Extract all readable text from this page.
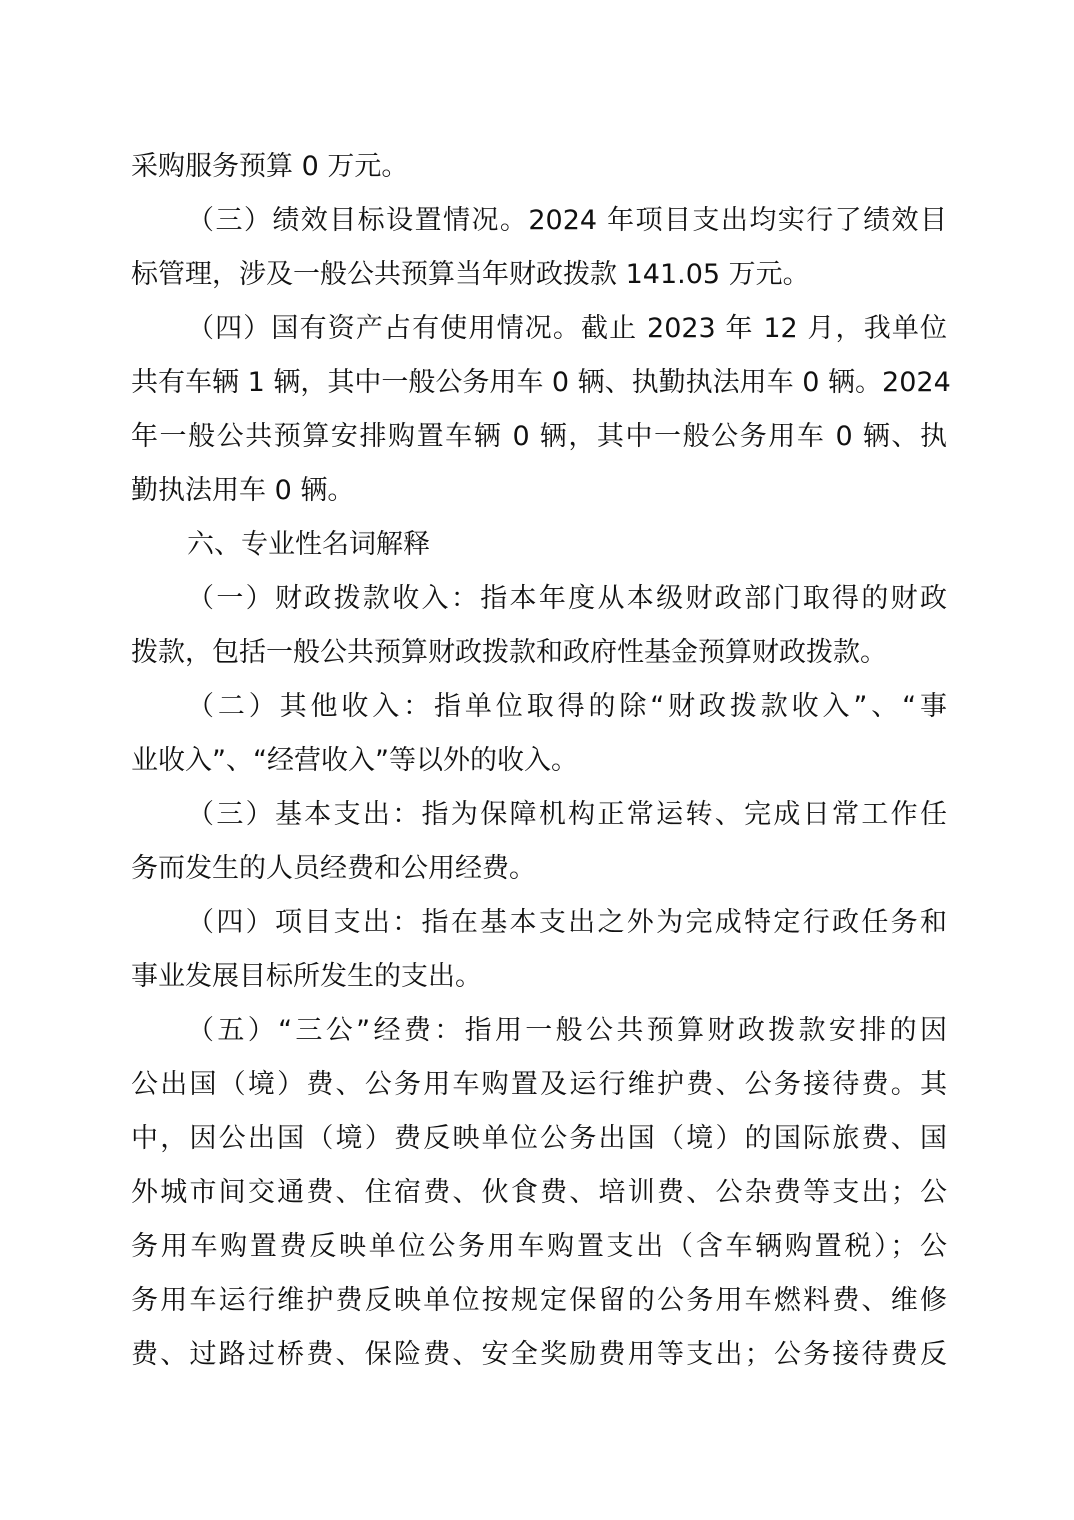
采购服务预算 0 万元。
（三）绩效目标设置情况。2024 年项目支出均实行了绩效目
标管理，涉及一般公共预算当年财政拨款 141.05 万元。
（四）国有资产占有使用情况。截止 2023 年 12 月，我单位
共有车辆 1 辆，其中一般公务用车 0 辆、执勤执法用车 0 辆。2024
年一般公共预算安排购置车辆 0 辆，其中一般公务用车 0 辆、执
勤执法用车 0 辆。
六、专业性名词解释
（一）财政拨款收入：指本年度从本级财政部门取得的财政
拨款，包括一般公共预算财政拨款和政府性基金预算财政拨款。
（二）其他收入：指单位取得的除“财政拨款收入”、“事
业收入”、“经营收入”等以外的收入。
（三）基本支出：指为保障机构正常运转、完成日常工作任
务而发生的人员经费和公用经费。
（四）项目支出：指在基本支出之外为完成特定行政任务和
事业发展目标所发生的支出。
（五）“三公”经费：指用一般公共预算财政拨款安排的因
公出国（境）费、公务用车购置及运行维护费、公务接待费。其
中，因公出国（境）费反映单位公务出国（境）的国际旅费、国
外城市间交通费、住宿费、伙食费、培训费、公杂费等支出；公
务用车购置费反映单位公务用车购置支出（含车辆购置税）；公
务用车运行维护费反映单位按规定保留的公务用车燃料费、维修
费、过路过桥费、保险费、安全奖励费用等支出；公务接待费反
